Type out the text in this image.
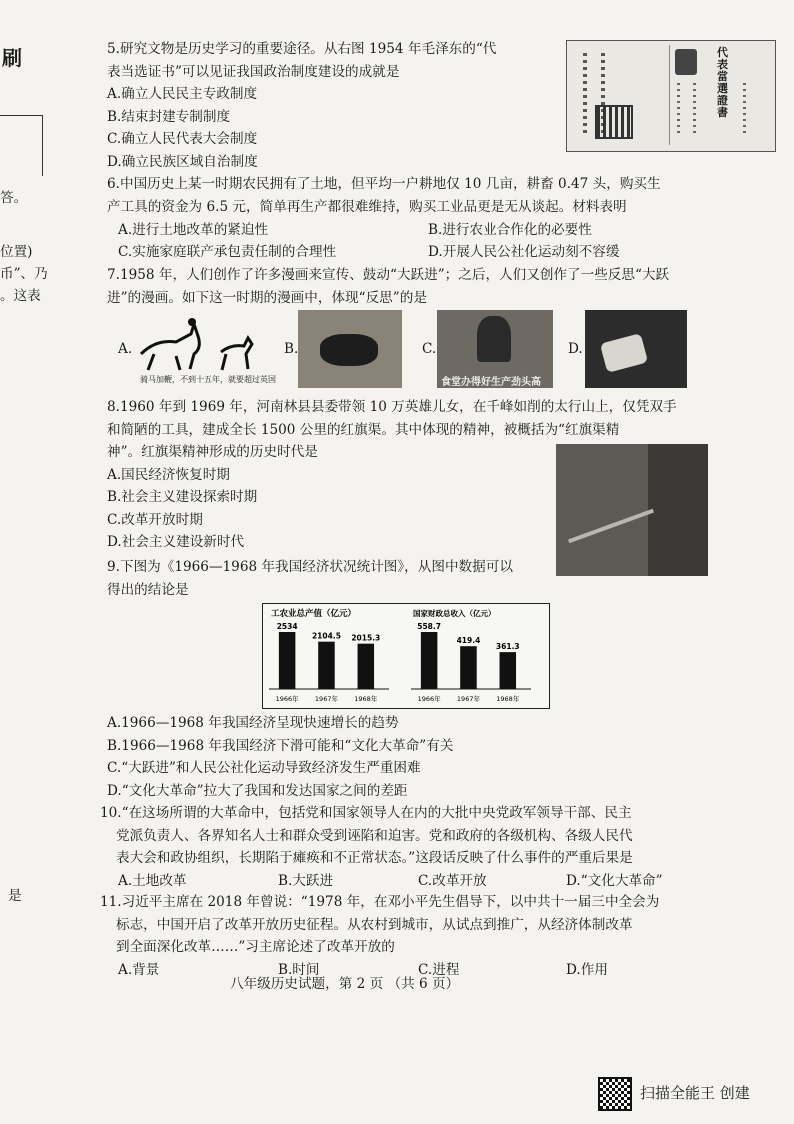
刷
答。
位置)
币”、乃
。这表
是

5.研究文物是历史学习的重要途径。从右图 1954 年毛泽东的“代

表当选证书”可以见证我国政治制度建设的成就是

A.确立人民民主专政制度

B.结束封建专制制度

C.确立人民代表大会制度

D.确立民族区域自治制度

代表當選證書

6.中国历史上某一时期农民拥有了土地，但平均一户耕地仅 10 几亩，耕畜 0.47 头，购买生

产工具的资金为 6.5 元，简单再生产都很难维持，购买工业品更是无从谈起。材料表明

A.进行土地改革的紧迫性	B.进行农业合作化的必要性
C.实施家庭联产承包责任制的合理性	D.开展人民公社化运动刻不容缓

7.1958 年，人们创作了许多漫画来宣传、鼓动“大跃进”；之后，人们又创作了一些反思“大跃

进”的漫画。如下这一时期的漫画中，体现“反思”的是

A.
骑马加鞭，不到十五年，就要超过英国
B.	C.
食堂办得好生产劲头高
D.

8.1960 年到 1969 年，河南林县县委带领 10 万英雄儿女，在千峰如削的太行山上，仅凭双手

和简陋的工具，建成全长 1500 公里的红旗渠。其中体现的精神，被概括为“红旗渠精

神”。红旗渠精神形成的历史时代是

A.国民经济恢复时期

B.社会主义建设探索时期

C.改革开放时期

D.社会主义建设新时代

9.下图为《1966—1968 年我国经济状况统计图》，从图中数据可以

得出的结论是

工农业总产值（亿元）
2534
1966年
2104.5
1967年
2015.3
1968年
国家财政总收入（亿元）
558.7
1966年
419.4
1967年
361.3
1968年

A.1966—1968 年我国经济呈现快速增长的趋势

B.1966—1968 年我国经济下滑可能和“文化大革命”有关

C.“大跃进”和人民公社化运动导致经济发生严重困难

D.“文化大革命”拉大了我国和发达国家之间的差距

10.“在这场所谓的大革命中，包括党和国家领导人在内的大批中央党政军领导干部、民主

党派负责人、各界知名人士和群众受到诬陷和迫害。党和政府的各级机构、各级人民代

表大会和政协组织，长期陷于瘫痪和不正常状态。”这段话反映了什么事件的严重后果是

A.土地改革	B.大跃进	C.改革开放	D.“文化大革命”

11.习近平主席在 2018 年曾说：“1978 年，在邓小平先生倡导下，以中共十一届三中全会为

标志，中国开启了改革开放历史征程。从农村到城市，从试点到推广，从经济体制改革

到全面深化改革……”习主席论述了改革开放的

A.背景	B.时间	C.进程	D.作用
八年级历史试题，第 2 页 （共 6 页）
扫描全能王 创建
